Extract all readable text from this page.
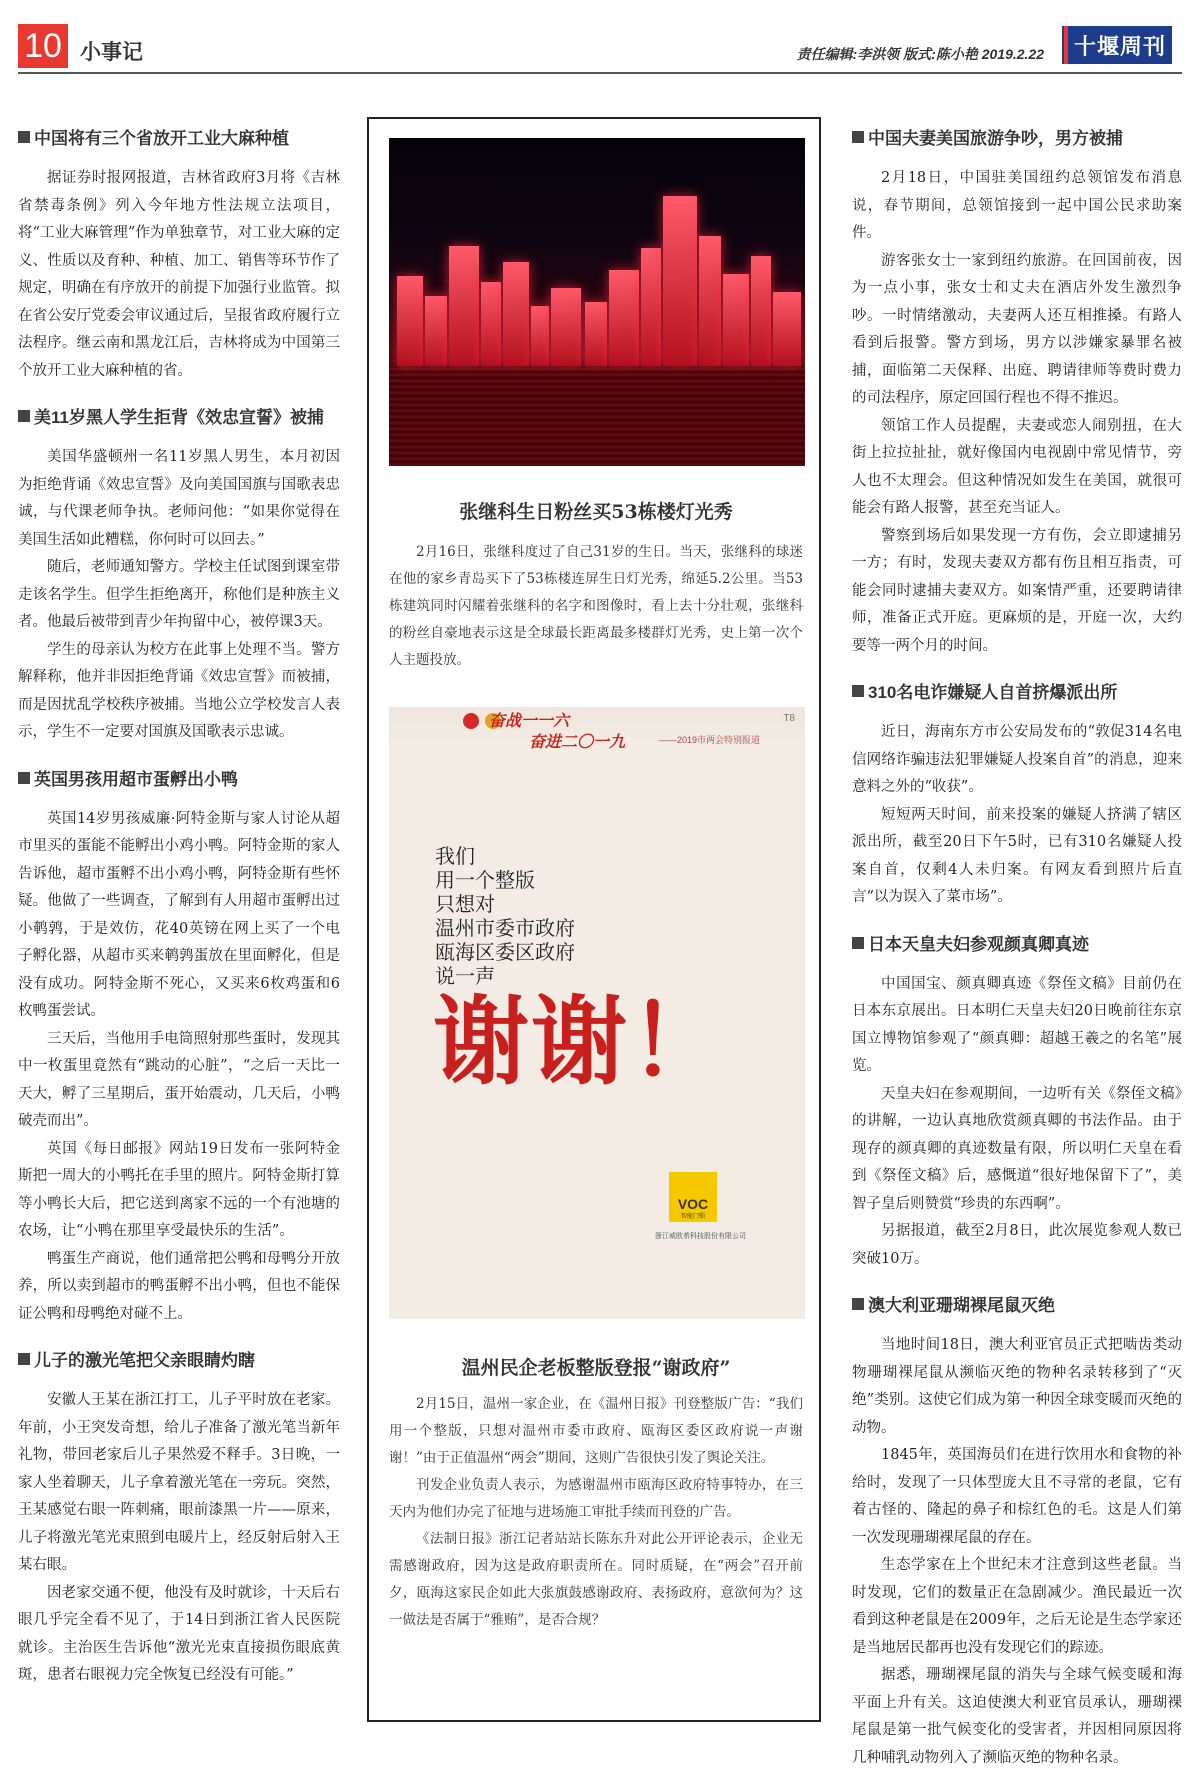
10 小事记	责任编辑:李洪领 版式:陈小艳 2019.2.22 十堰周刊
中国将有三个省放开工业大麻种植

据证券时报网报道，吉林省政府3月将《吉林省禁毒条例》列入今年地方性法规立法项目，将“工业大麻管理”作为单独章节，对工业大麻的定义、性质以及育种、种植、加工、销售等环节作了规定，明确在有序放开的前提下加强行业监管。拟在省公安厅党委会审议通过后，呈报省政府履行立法程序。继云南和黑龙江后，吉林将成为中国第三个放开工业大麻种植的省。

美11岁黑人学生拒背《效忠宣誓》被捕

美国华盛顿州一名11岁黑人男生，本月初因为拒绝背诵《效忠宣誓》及向美国国旗与国歌表忠诚，与代课老师争执。老师问他：“如果你觉得在美国生活如此糟糕，你何时可以回去。”

随后，老师通知警方。学校主任试图到课室带走该名学生。但学生拒绝离开，称他们是种族主义者。他最后被带到青少年拘留中心，被停课3天。

学生的母亲认为校方在此事上处理不当。警方解释称，他并非因拒绝背诵《效忠宣誓》而被捕，而是因扰乱学校秩序被捕。当地公立学校发言人表示，学生不一定要对国旗及国歌表示忠诚。

英国男孩用超市蛋孵出小鸭

英国14岁男孩威廉·阿特金斯与家人讨论从超市里买的蛋能不能孵出小鸡小鸭。阿特金斯的家人告诉他，超市蛋孵不出小鸡小鸭，阿特金斯有些怀疑。他做了一些调查，了解到有人用超市蛋孵出过小鹌鹑，于是效仿，花40英镑在网上买了一个电子孵化器，从超市买来鹌鹑蛋放在里面孵化，但是没有成功。阿特金斯不死心，又买来6枚鸡蛋和6枚鸭蛋尝试。

三天后，当他用手电筒照射那些蛋时，发现其中一枚蛋里竟然有“跳动的心脏”，“之后一天比一天大，孵了三星期后，蛋开始震动，几天后，小鸭破壳而出”。

英国《每日邮报》网站19日发布一张阿特金斯把一周大的小鸭托在手里的照片。阿特金斯打算等小鸭长大后，把它送到离家不远的一个有池塘的农场，让“小鸭在那里享受最快乐的生活”。

鸭蛋生产商说，他们通常把公鸭和母鸭分开放养，所以卖到超市的鸭蛋孵不出小鸭，但也不能保证公鸭和母鸭绝对碰不上。

儿子的激光笔把父亲眼睛灼瞎

安徽人王某在浙江打工，儿子平时放在老家。年前，小王突发奇想，给儿子准备了激光笔当新年礼物，带回老家后儿子果然爱不释手。3日晚，一家人坐着聊天，儿子拿着激光笔在一旁玩。突然，王某感觉右眼一阵刺痛，眼前漆黑一片——原来，儿子将激光笔光束照到电暖片上，经反射后射入王某右眼。

因老家交通不便，他没有及时就诊，十天后右眼几乎完全看不见了，于14日到浙江省人民医院就诊。主治医生告诉他“激光光束直接损伤眼底黄斑，患者右眼视力完全恢复已经没有可能。”

张继科生日粉丝买53栋楼灯光秀

2月16日，张继科度过了自己31岁的生日。当天，张继科的球迷在他的家乡青岛买下了53栋楼连屏生日灯光秀，绵延5.2公里。当53栋建筑同时闪耀着张继科的名字和图像时，看上去十分壮观，张继科的粉丝自豪地表示这是全球最长距离最多楼群灯光秀，史上第一次个人主题投放。

奋战一一六
奋进二〇一九	——2019市两会特别报道
T8
我们
用一个整版
只想对
温州市委市政府
瓯海区委区政府
说一声
谢谢！
VOC
智能门锁
浙江威欧希科技股份有限公司
温州民企老板整版登报“谢政府”

2月15日，温州一家企业，在《温州日报》刊登整版广告：“我们用一个整版，只想对温州市委市政府、瓯海区委区政府说一声谢谢！”由于正值温州“两会”期间，这则广告很快引发了舆论关注。

刊发企业负责人表示，为感谢温州市瓯海区政府特事特办，在三天内为他们办完了征地与进场施工审批手续而刊登的广告。

《法制日报》浙江记者站站长陈东升对此公开评论表示，企业无需感谢政府，因为这是政府职责所在。同时质疑，在“两会”召开前夕，瓯海这家民企如此大张旗鼓感谢政府、表扬政府，意欲何为？这一做法是否属于“雅贿”，是否合规？

中国夫妻美国旅游争吵，男方被捕

2月18日，中国驻美国纽约总领馆发布消息说，春节期间，总领馆接到一起中国公民求助案件。

游客张女士一家到纽约旅游。在回国前夜，因为一点小事，张女士和丈夫在酒店外发生激烈争吵。一时情绪激动，夫妻两人还互相推搡。有路人看到后报警。警方到场，男方以涉嫌家暴罪名被捕，面临第二天保释、出庭、聘请律师等费时费力的司法程序，原定回国行程也不得不推迟。

领馆工作人员提醒，夫妻或恋人闹别扭，在大街上拉拉扯扯，就好像国内电视剧中常见情节，旁人也不太理会。但这种情况如发生在美国，就很可能会有路人报警，甚至充当证人。

警察到场后如果发现一方有伤，会立即逮捕另一方；有时，发现夫妻双方都有伤且相互指责，可能会同时逮捕夫妻双方。如案情严重，还要聘请律师，准备正式开庭。更麻烦的是，开庭一次，大约要等一两个月的时间。

310名电诈嫌疑人自首挤爆派出所

近日，海南东方市公安局发布的“敦促314名电信网络诈骗违法犯罪嫌疑人投案自首”的消息，迎来意料之外的“收获”。

短短两天时间，前来投案的嫌疑人挤满了辖区派出所，截至20日下午5时，已有310名嫌疑人投案自首，仅剩4人未归案。有网友看到照片后直言“以为误入了菜市场”。

日本天皇夫妇参观颜真卿真迹

中国国宝、颜真卿真迹《祭侄文稿》目前仍在日本东京展出。日本明仁天皇夫妇20日晚前往东京国立博物馆参观了“颜真卿：超越王羲之的名笔”展览。

天皇夫妇在参观期间，一边听有关《祭侄文稿》的讲解，一边认真地欣赏颜真卿的书法作品。由于现存的颜真卿的真迹数量有限，所以明仁天皇在看到《祭侄文稿》后，感慨道“很好地保留下了”，美智子皇后则赞赏“珍贵的东西啊”。

另据报道，截至2月8日，此次展览参观人数已突破10万。

澳大利亚珊瑚裸尾鼠灭绝

当地时间18日，澳大利亚官员正式把啮齿类动物珊瑚裸尾鼠从濒临灭绝的物种名录转移到了“灭绝”类别。这使它们成为第一种因全球变暖而灭绝的动物。

1845年，英国海员们在进行饮用水和食物的补给时，发现了一只体型庞大且不寻常的老鼠，它有着古怪的、隆起的鼻子和棕红色的毛。这是人们第一次发现珊瑚裸尾鼠的存在。

生态学家在上个世纪末才注意到这些老鼠。当时发现，它们的数量正在急剧减少。渔民最近一次看到这种老鼠是在2009年，之后无论是生态学家还是当地居民都再也没有发现它们的踪迹。

据悉，珊瑚裸尾鼠的消失与全球气候变暖和海平面上升有关。这迫使澳大利亚官员承认，珊瑚裸尾鼠是第一批气候变化的受害者，并因相同原因将几种哺乳动物列入了濒临灭绝的物种名录。
